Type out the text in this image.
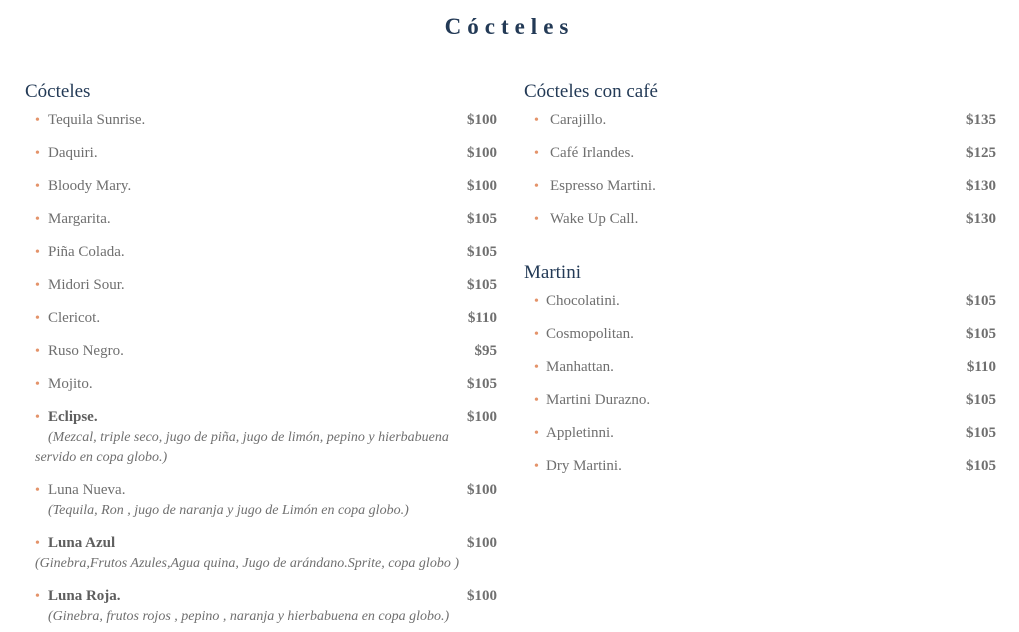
Cócteles
Cócteles
• Tequila Sunrise.	$100
• Daquiri.	$100
• Bloody Mary.	$100
• Margarita.	$105
• Piña Colada.	$105
• Midori Sour.	$105
• Clericot.	$110
• Ruso Negro.	$95
• Mojito.	$105
• Eclipse.	$100
(Mezcal, triple seco, jugo de piña, jugo de limón, pepino y hierbabuena servido en copa globo.)
• Luna Nueva.	$100
(Tequila, Ron , jugo de naranja y jugo de Limón en copa globo.)
• Luna Azul	$100
(Ginebra,Frutos Azules,Agua quina, Jugo de arándano.Sprite, copa globo )
• Luna Roja.	$100
(Ginebra, frutos rojos , pepino , naranja y hierbabuena en copa globo.)
Cócteles con café
• Carajillo.	$135
• Café Irlandes.	$125
• Espresso Martini.	$130
• Wake Up Call.	$130
Martini
• Chocolatini.	$105
• Cosmopolitan.	$105
• Manhattan.	$110
• Martini Durazno.	$105
• Appletinni.	$105
• Dry Martini.	$105
